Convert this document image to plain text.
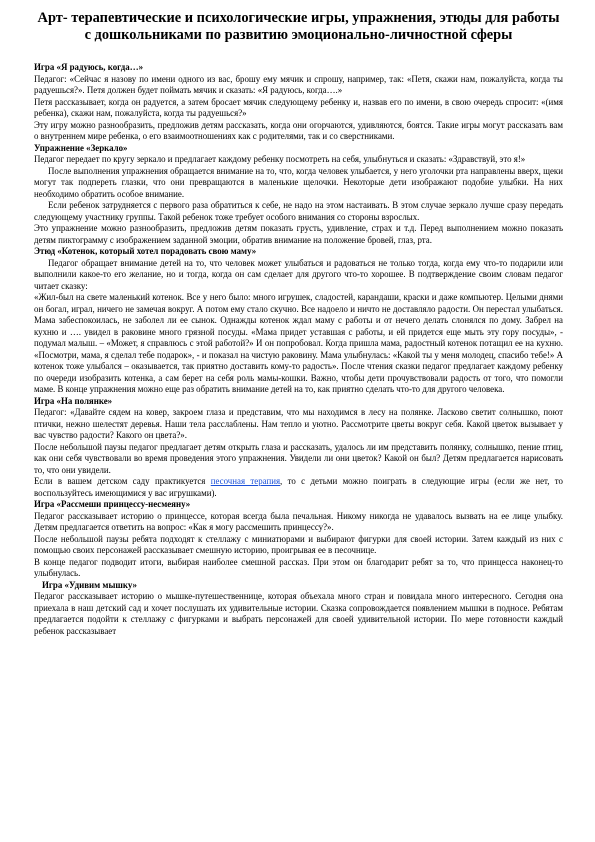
Арт- терапевтические и психологические игры, упражнения, этюды для работы с дошкольниками по развитию эмоционально-личностной сферы
Игра «Я радуюсь, когда…»

Педагог: «Сейчас я назову по имени одного из вас, брошу ему мячик и спрошу, например, так: «Петя, скажи нам, пожалуйста, когда ты радуешься?». Петя должен будет поймать мячик и сказать: «Я радуюсь, когда….»

Петя рассказывает, когда он радуется, а затем бросает мячик следующему ребенку и, назвав его по имени, в свою очередь спросит: «(имя ребенка), скажи нам, пожалуйста, когда ты радуешься?»

Эту игру можно разнообразить, предложив детям рассказать, когда они огорчаются, удивляются, боятся. Такие игры могут рассказать вам о внутреннем мире ребенка, о его взаимоотношениях как с родителями, так и со сверстниками.

Упражнение «Зеркало»

Педагог передает по кругу зеркало и предлагает каждому ребенку посмотреть на себя, улыбнуться и сказать: «Здравствуй, это я!»

После выполнения упражнения обращается внимание на то, что, когда человек улыбается, у него уголочки рта направлены вверх, щеки могут так подпереть глазки, что они превращаются в маленькие щелочки. Некоторые дети изображают подобие улыбки. На них необходимо обратить особое внимание.

Если ребенок затрудняется с первого раза обратиться к себе, не надо на этом настаивать. В этом случае зеркало лучше сразу передать следующему участнику группы. Такой ребенок тоже требует особого внимания со стороны взрослых.

Это упражнение можно разнообразить, предложив детям показать грусть, удивление, страх и т.д. Перед выполнением можно показать детям пиктограмму с изображением заданной эмоции, обратив внимание на положение бровей, глаз, рта.

Этюд «Котенок, который хотел порадовать свою маму»

Педагог обращает внимание детей на то, что человек может улыбаться и радоваться не только тогда, когда ему что-то подарили или выполнили какое-то его желание, но и тогда, когда он сам сделает для другого что-то хорошее. В подтверждение своим словам педагог читает сказку:

«Жил-был на свете маленький котенок. Все у него было: много игрушек, сладостей, карандаши, краски и даже компьютер. Целыми днями он богал, играл, ничего не замечая вокруг. А потом ему стало скучно. Все надоело и ничто не доставляло радости. Он перестал улыбаться. Мама забеспокоилась, не заболел ли ее сынок. Однажды котенок ждал маму с работы и от нечего делать слонялся по дому. Забрел на кухню и …. увидел в раковине много грязной посуды. «Мама придет уставшая с работы, и ей придется еще мыть эту гору посуды», - подумал малыш. – «Может, я справлюсь с этой работой?» И он попробовал. Когда пришла мама, радостный котенок потащил ее на кухню. «Посмотри, мама, я сделал тебе подарок», - и показал на чистую раковину. Мама улыбнулась: «Какой ты у меня молодец, спасибо тебе!» А котенок тоже улыбался – оказывается, так приятно доставить кому-то радость». После чтения сказки педагог предлагает каждому ребенку по очереди изобразить котенка, а сам берет на себя роль мамы-кошки. Важно, чтобы дети прочувствовали радость от того, что помогли маме. В конце упражнения можно еще раз обратить внимание детей на то, как приятно сделать что-то для другого человека.

Игра «На полянке»

Педагог: «Давайте сядем на ковер, закроем глаза и представим, что мы находимся в лесу на полянке. Ласково светит солнышко, поют птички, нежно шелестят деревья. Наши тела расслаблены. Нам тепло и уютно. Рассмотрите цветы вокруг себя. Какой цветок вызывает у вас чувство радости? Какого он цвета?».

После небольшой паузы педагог предлагает детям открыть глаза и рассказать, удалось ли им представить полянку, солнышко, пение птиц, как они себя чувствовали во время проведения этого упражнения. Увидели ли они цветок? Какой он был? Детям предлагается нарисовать то, что они увидели.

Если в вашем детском саду практикуется песочная терапия, то с детьми можно поиграть в следующие игры (если же нет, то воспользуйтесь имеющимися у вас игрушками).

Игра «Рассмеши принцессу-несмеяну»

Педагог рассказывает историю о принцессе, которая всегда была печальная. Никому никогда не удавалось вызвать на ее лице улыбку. Детям предлагается ответить на вопрос: «Как я могу рассмешить принцессу?».

После небольшой паузы ребята подходят к стеллажу с миниатюрами и выбирают фигурки для своей истории. Затем каждый из них с помощью своих персонажей рассказывает смешную историю, проигрывая ее в песочнице.

В конце педагог подводит итоги, выбирая наиболее смешной рассказ. При этом он благодарит ребят за то, что принцесса наконец-то улыбнулась.

Игра «Удивим мышку»

Педагог рассказывает историю о мышке-путешественнице, которая объехала много стран и повидала много интересного. Сегодня она приехала в наш детский сад и хочет послушать их удивительные истории. Сказка сопровождается появлением мышки в подносе. Ребятам предлагается подойти к стеллажу с фигурками и выбрать персонажей для своей удивительной истории. По мере готовности каждый ребенок рассказывает
